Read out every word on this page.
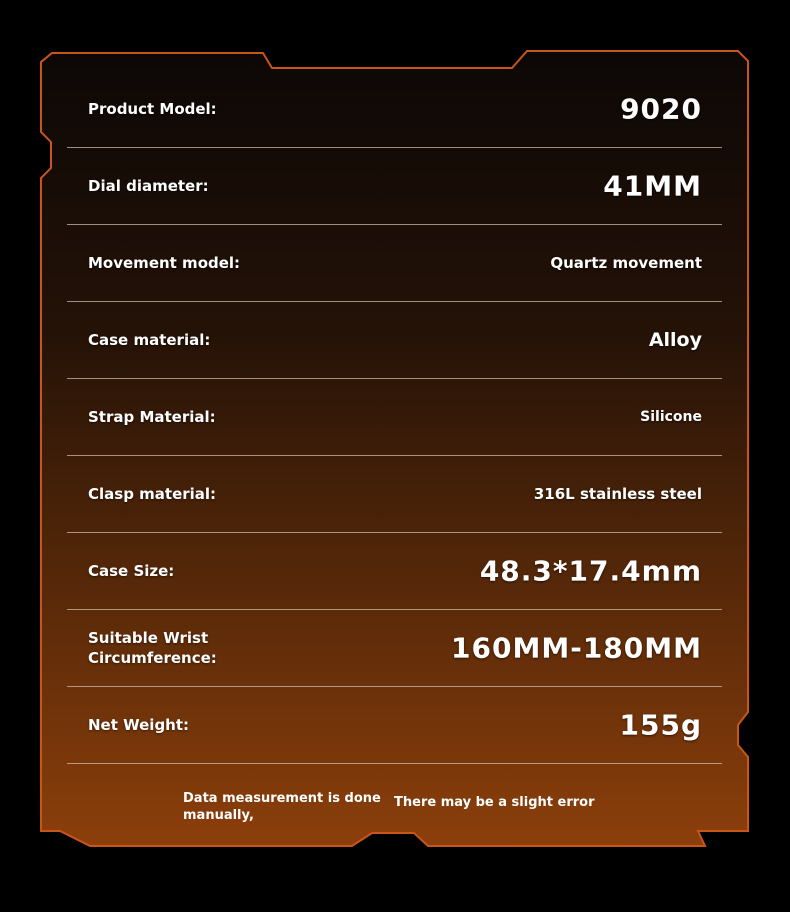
Product Model:	9020
Dial diameter:	41MM
Movement model:	Quartz movement
Case material:	Alloy
Strap Material:	Silicone
Clasp material:	316L stainless steel
Case Size:	48.3*17.4mm
Suitable Wrist Circumference:	160MM-180MM
Net Weight:	155g
Data measurement is done manually,
There may be a slight error
